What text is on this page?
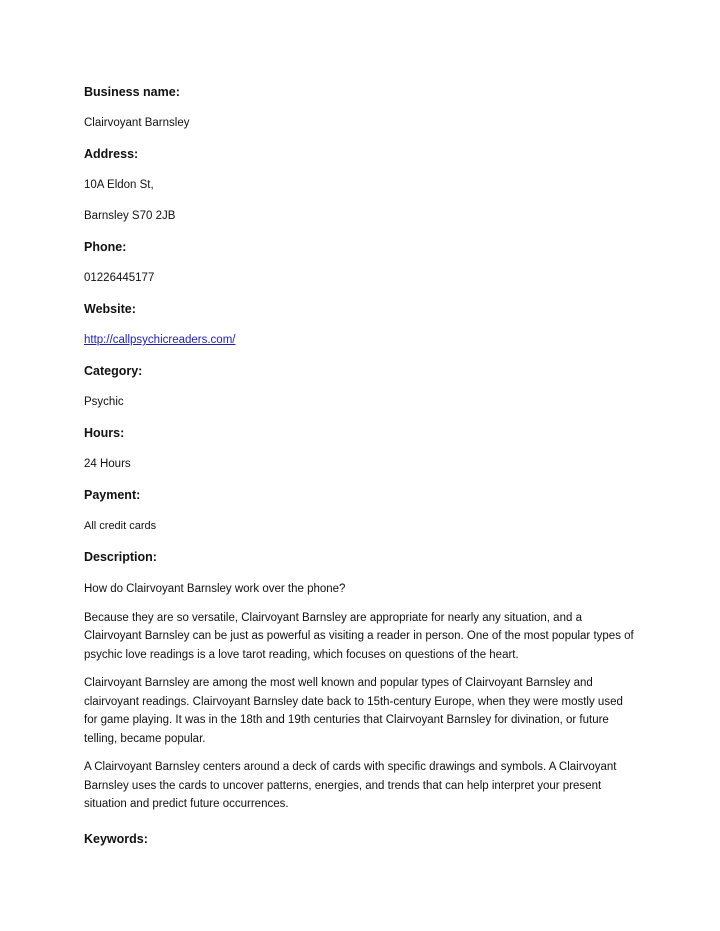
Business name:

Clairvoyant Barnsley

Address:

10A Eldon St,

Barnsley S70 2JB

Phone:

01226445177

Website:

http://callpsychicreaders.com/

Category:

Psychic

Hours:

24 Hours

Payment:

All credit cards

Description:

How do Clairvoyant Barnsley work over the phone?

Because they are so versatile, Clairvoyant Barnsley are appropriate for nearly any situation, and a Clairvoyant Barnsley can be just as powerful as visiting a reader in person. One of the most popular types of psychic love readings is a love tarot reading, which focuses on questions of the heart.

Clairvoyant Barnsley are among the most well known and popular types of Clairvoyant Barnsley and clairvoyant readings. Clairvoyant Barnsley date back to 15th-century Europe, when they were mostly used for game playing. It was in the 18th and 19th centuries that Clairvoyant Barnsley for divination, or future telling, became popular.

A Clairvoyant Barnsley centers around a deck of cards with specific drawings and symbols. A Clairvoyant Barnsley uses the cards to uncover patterns, energies, and trends that can help interpret your present situation and predict future occurrences.

Keywords:
